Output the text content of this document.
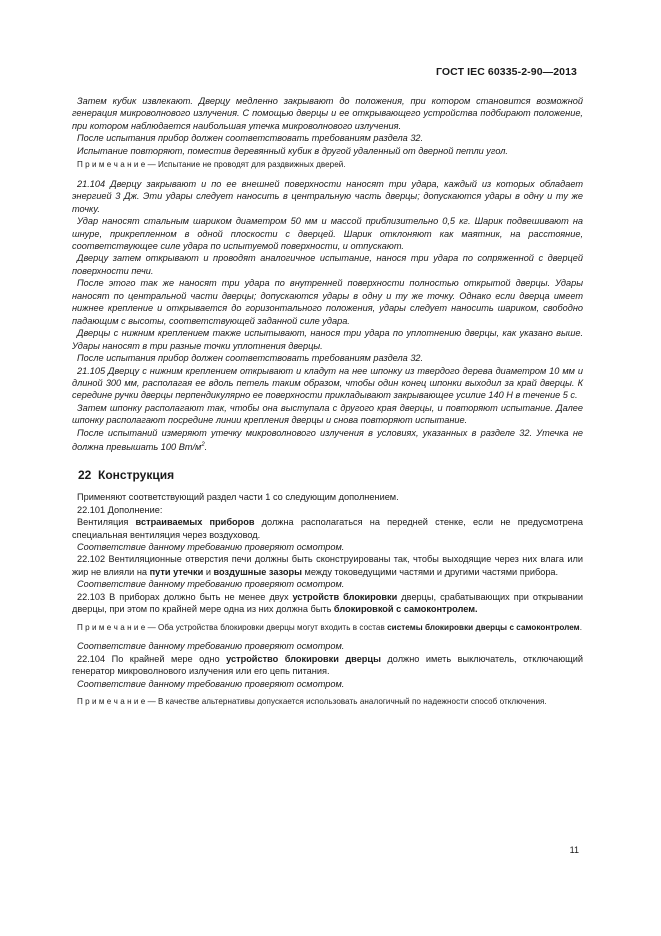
ГОСТ IEC 60335-2-90—2013

Затем кубик извлекают. Дверцу медленно закрывают до положения, при котором становится возможной генерация микроволнового излучения. С помощью дверцы и ее открывающего устройства подбирают положение, при котором наблюдается наибольшая утечка микроволнового излучения.

После испытания прибор должен соответствовать требованиям раздела 32.

Испытание повторяют, поместив деревянный кубик в другой удаленный от дверной петли угол.

П р и м е ч а н и е — Испытание не проводят для раздвижных дверей.

21.104 Дверцу закрывают и по ее внешней поверхности наносят три удара, каждый из которых обладает энергией 3 Дж. Эти удары следует наносить в центральную часть дверцы; допускаются удары в одну и ту же точку.

Удар наносят стальным шариком диаметром 50 мм и массой приблизительно 0,5 кг. Шарик подвешивают на шнуре, прикрепленном в одной плоскости с дверцей. Шарик отклоняют как маятник, на расстояние, соответствующее силе удара по испытуемой поверхности, и отпускают.

Дверцу затем открывают и проводят аналогичное испытание, нанося три удара по сопряженной с дверцей поверхности печи.

После этого так же наносят три удара по внутренней поверхности полностью открытой дверцы. Удары наносят по центральной части дверцы; допускаются удары в одну и ту же точку. Однако если дверца имеет нижнее крепление и открывается до горизонтального положения, удары следует наносить шариком, свободно падающим с высоты, соответствующей заданной силе удара.

Дверцы с нижним креплением также испытывают, нанося три удара по уплотнению дверцы, как указано выше. Удары наносят в три разные точки уплотнения дверцы.

После испытания прибор должен соответствовать требованиям раздела 32.

21.105 Дверцу с нижним креплением открывают и кладут на нее шпонку из твердого дерева диаметром 10 мм и длиной 300 мм, располагая ее вдоль петель таким образом, чтобы один конец шпонки выходил за край дверцы. К середине ручки дверцы перпендикулярно ее поверхности прикладывают закрывающее усилие 140 Н в течение 5 с.

Затем шпонку располагают так, чтобы она выступала с другого края дверцы, и повторяют испытание. Далее шпонку располагают посредине линии крепления дверцы и снова повторяют испытание.

После испытаний измеряют утечку микроволнового излучения в условиях, указанных в разделе 32. Утечка не должна превышать 100 $Вт/м^2$.

22 Конструкция

Применяют соответствующий раздел части 1 со следующим дополнением.

22.101 Дополнение:

Вентиляция встраиваемых приборов должна располагаться на передней стенке, если не предусмотрена специальная вентиляция через воздуховод.

Соответствие данному требованию проверяют осмотром.

22.102 Вентиляционные отверстия печи должны быть сконструированы так, чтобы выходящие через них влага или жир не влияли на пути утечки и воздушные зазоры между токоведущими частями и другими частями прибора.

Соответствие данному требованию проверяют осмотром.

22.103 В приборах должно быть не менее двух устройств блокировки дверцы, срабатывающих при открывании дверцы, при этом по крайней мере одна из них должна быть блокировкой с самоконтролем.

П р и м е ч а н и е — Оба устройства блокировки дверцы могут входить в состав системы блокировки дверцы с самоконтролем.

Соответствие данному требованию проверяют осмотром.

22.104 По крайней мере одно устройство блокировки дверцы должно иметь выключатель, отключающий генератор микроволнового излучения или его цепь питания.

Соответствие данному требованию проверяют осмотром.

П р и м е ч а н и е — В качестве альтернативы допускается использовать аналогичный по надежности способ отключения.

11
